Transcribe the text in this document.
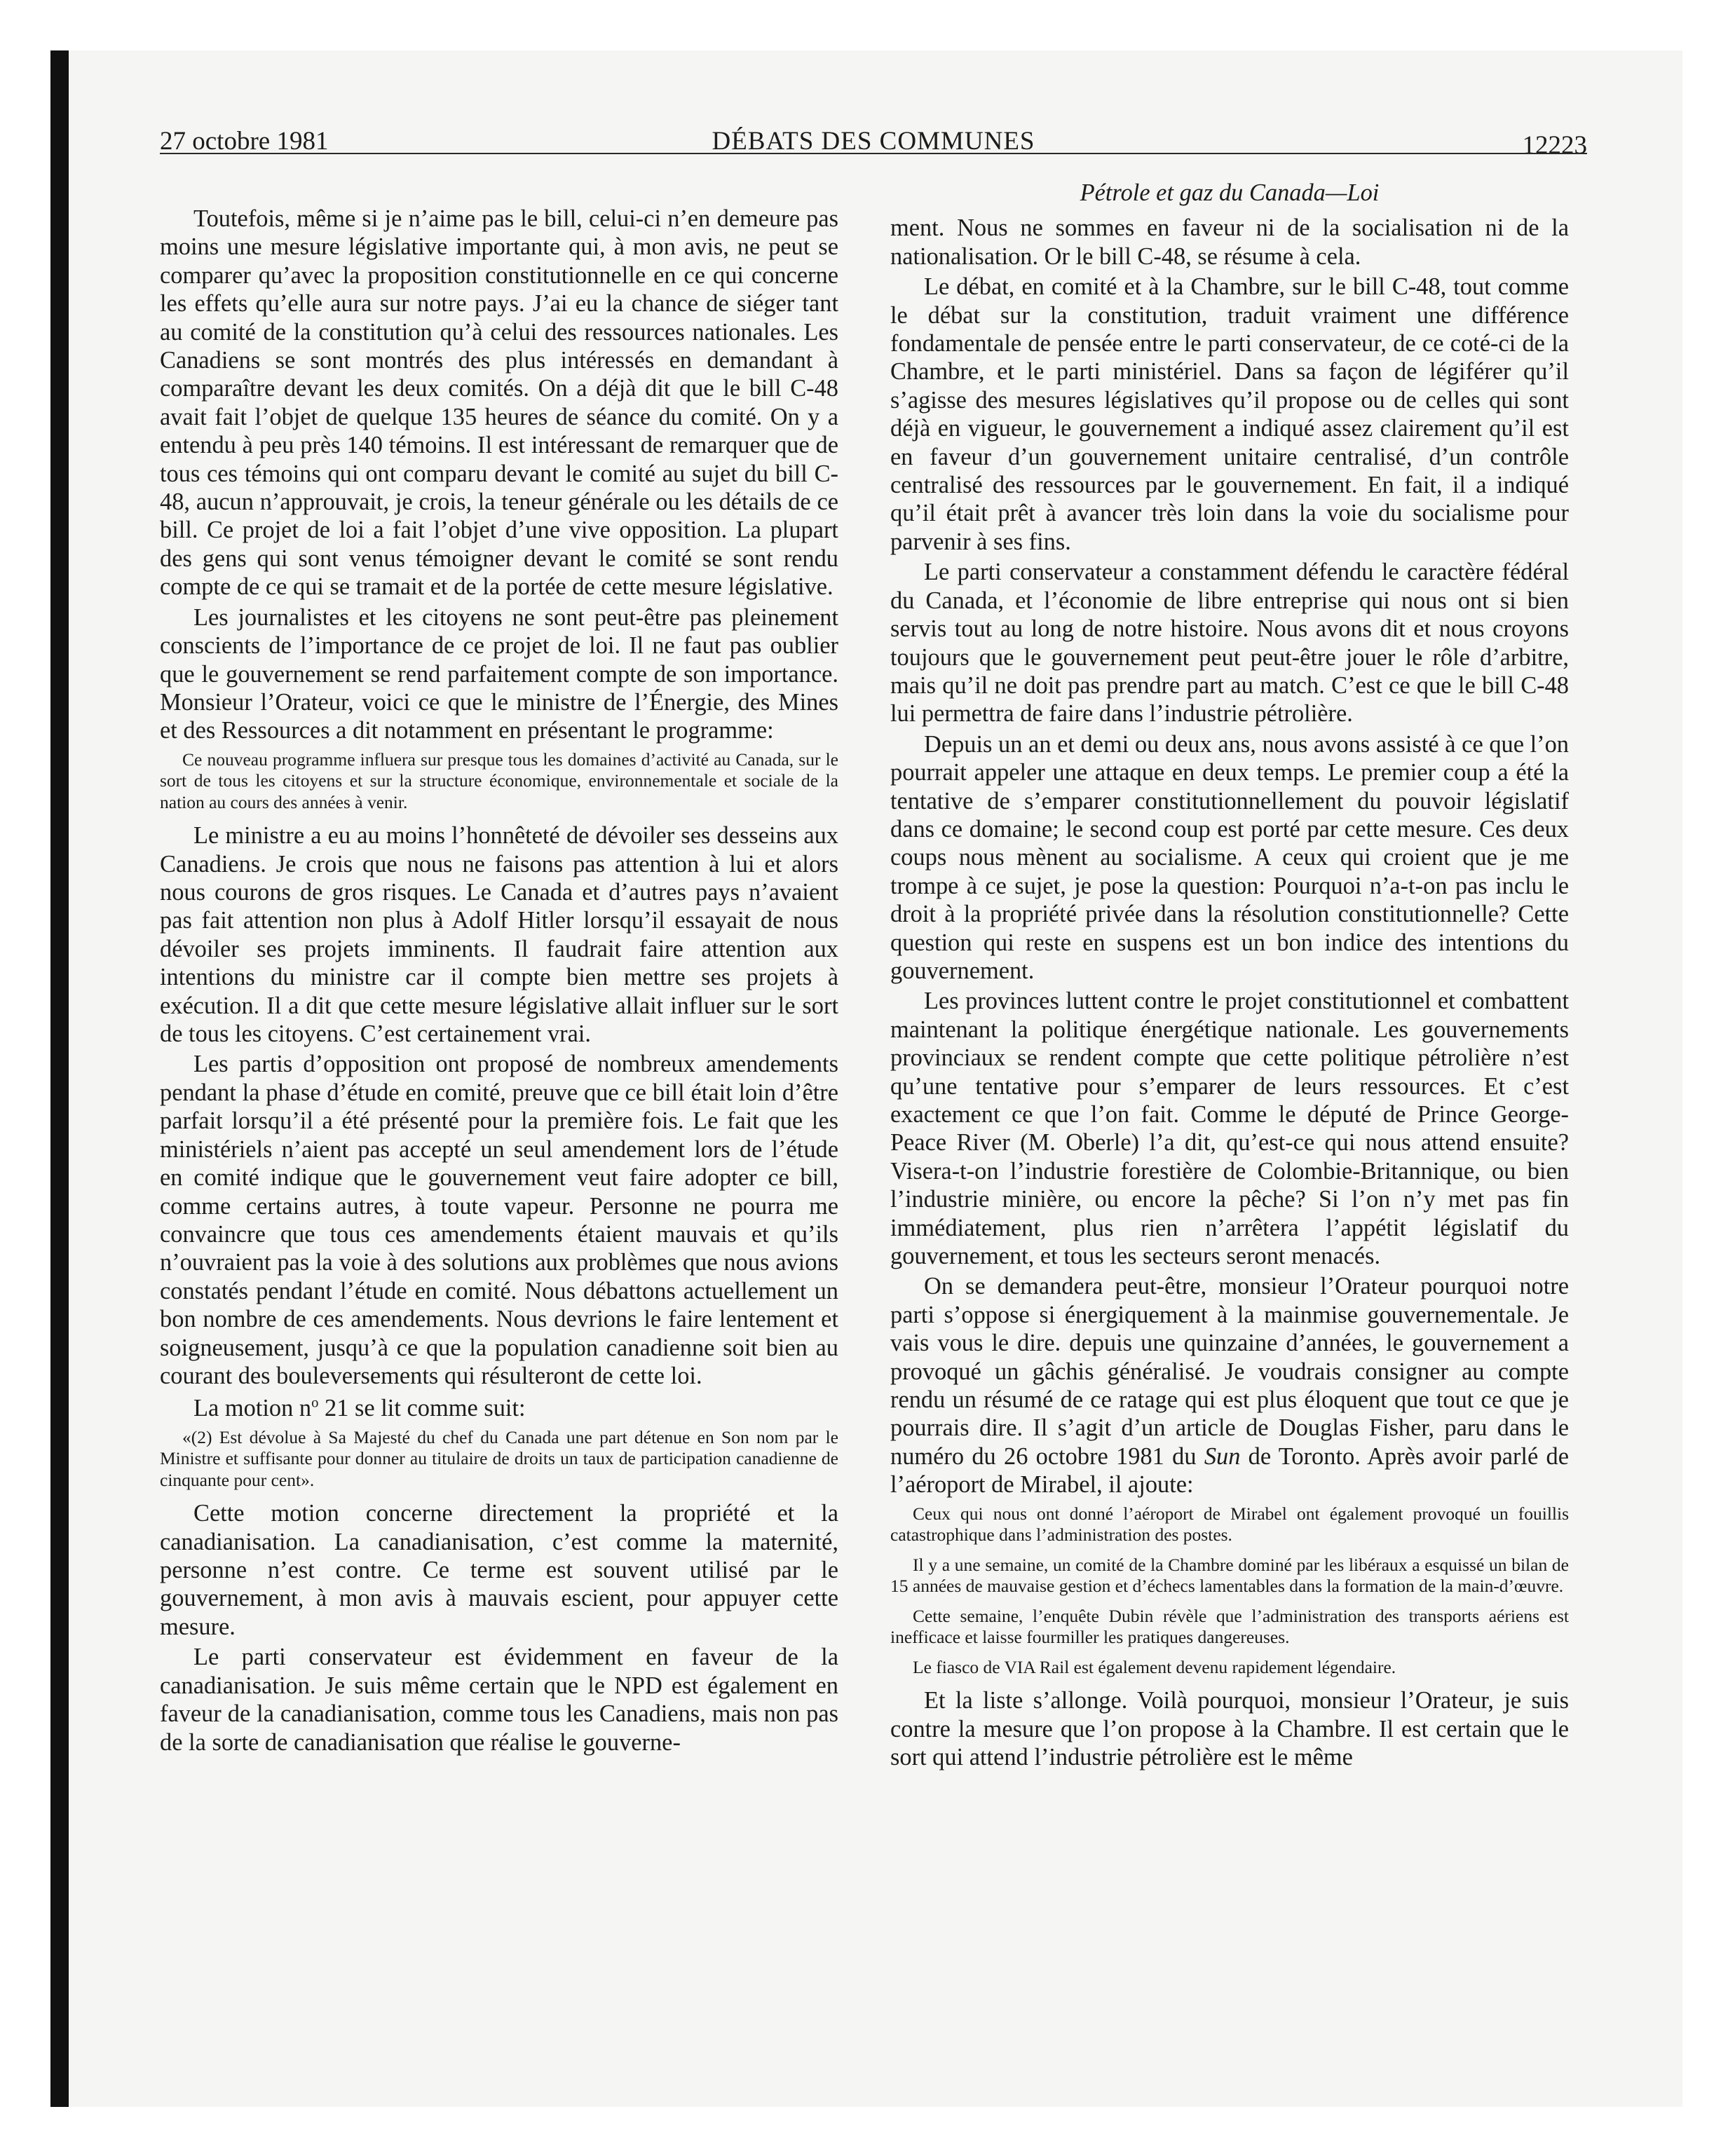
27 octobre 1981	DÉBATS DES COMMUNES	12223

Toutefois, même si je n’aime pas le bill, celui-ci n’en demeure pas moins une mesure législative importante qui, à mon avis, ne peut se comparer qu’avec la proposition constitutionnelle en ce qui concerne les effets qu’elle aura sur notre pays. J’ai eu la chance de siéger tant au comité de la constitution qu’à celui des ressources nationales. Les Canadiens se sont montrés des plus intéressés en demandant à comparaître devant les deux comités. On a déjà dit que le bill C-48 avait fait l’objet de quelque 135 heures de séance du comité. On y a entendu à peu près 140 témoins. Il est intéressant de remarquer que de tous ces témoins qui ont comparu devant le comité au sujet du bill C-48, aucun n’approuvait, je crois, la teneur générale ou les détails de ce bill. Ce projet de loi a fait l’objet d’une vive opposition. La plupart des gens qui sont venus témoigner devant le comité se sont rendu compte de ce qui se tramait et de la portée de cette mesure législative.

Les journalistes et les citoyens ne sont peut-être pas pleinement conscients de l’importance de ce projet de loi. Il ne faut pas oublier que le gouvernement se rend parfaitement compte de son importance. Monsieur l’Orateur, voici ce que le ministre de l’Énergie, des Mines et des Ressources a dit notamment en présentant le programme:

Ce nouveau programme influera sur presque tous les domaines d’activité au Canada, sur le sort de tous les citoyens et sur la structure économique, environnementale et sociale de la nation au cours des années à venir.

Le ministre a eu au moins l’honnêteté de dévoiler ses desseins aux Canadiens. Je crois que nous ne faisons pas attention à lui et alors nous courons de gros risques. Le Canada et d’autres pays n’avaient pas fait attention non plus à Adolf Hitler lorsqu’il essayait de nous dévoiler ses projets imminents. Il faudrait faire attention aux intentions du ministre car il compte bien mettre ses projets à exécution. Il a dit que cette mesure législative allait influer sur le sort de tous les citoyens. C’est certainement vrai.

Les partis d’opposition ont proposé de nombreux amendements pendant la phase d’étude en comité, preuve que ce bill était loin d’être parfait lorsqu’il a été présenté pour la première fois. Le fait que les ministériels n’aient pas accepté un seul amendement lors de l’étude en comité indique que le gouvernement veut faire adopter ce bill, comme certains autres, à toute vapeur. Personne ne pourra me convaincre que tous ces amendements étaient mauvais et qu’ils n’ouvraient pas la voie à des solutions aux problèmes que nous avions constatés pendant l’étude en comité. Nous débattons actuellement un bon nombre de ces amendements. Nous devrions le faire lentement et soigneusement, jusqu’à ce que la population canadienne soit bien au courant des bouleversements qui résulteront de cette loi.

La motion $n^o$ 21 se lit comme suit:

«(2) Est dévolue à Sa Majesté du chef du Canada une part détenue en Son nom par le Ministre et suffisante pour donner au titulaire de droits un taux de participation canadienne de cinquante pour cent».

Cette motion concerne directement la propriété et la canadianisation. La canadianisation, c’est comme la maternité, personne n’est contre. Ce terme est souvent utilisé par le gouvernement, à mon avis à mauvais escient, pour appuyer cette mesure.

Le parti conservateur est évidemment en faveur de la canadianisation. Je suis même certain que le NPD est également en faveur de la canadianisation, comme tous les Canadiens, mais non pas de la sorte de canadianisation que réalise le gouverne-

Pétrole et gaz du Canada—Loi

ment. Nous ne sommes en faveur ni de la socialisation ni de la nationalisation. Or le bill C-48, se résume à cela.

Le débat, en comité et à la Chambre, sur le bill C-48, tout comme le débat sur la constitution, traduit vraiment une différence fondamentale de pensée entre le parti conservateur, de ce coté-ci de la Chambre, et le parti ministériel. Dans sa façon de légiférer qu’il s’agisse des mesures législatives qu’il propose ou de celles qui sont déjà en vigueur, le gouvernement a indiqué assez clairement qu’il est en faveur d’un gouvernement unitaire centralisé, d’un contrôle centralisé des ressources par le gouvernement. En fait, il a indiqué qu’il était prêt à avancer très loin dans la voie du socialisme pour parvenir à ses fins.

Le parti conservateur a constamment défendu le caractère fédéral du Canada, et l’économie de libre entreprise qui nous ont si bien servis tout au long de notre histoire. Nous avons dit et nous croyons toujours que le gouvernement peut peut-être jouer le rôle d’arbitre, mais qu’il ne doit pas prendre part au match. C’est ce que le bill C-48 lui permettra de faire dans l’industrie pétrolière.

Depuis un an et demi ou deux ans, nous avons assisté à ce que l’on pourrait appeler une attaque en deux temps. Le premier coup a été la tentative de s’emparer constitutionnellement du pouvoir législatif dans ce domaine; le second coup est porté par cette mesure. Ces deux coups nous mènent au socialisme. A ceux qui croient que je me trompe à ce sujet, je pose la question: Pourquoi n’a-t-on pas inclu le droit à la propriété privée dans la résolution constitutionnelle? Cette question qui reste en suspens est un bon indice des intentions du gouvernement.

Les provinces luttent contre le projet constitutionnel et combattent maintenant la politique énergétique nationale. Les gouvernements provinciaux se rendent compte que cette politique pétrolière n’est qu’une tentative pour s’emparer de leurs ressources. Et c’est exactement ce que l’on fait. Comme le député de Prince George-Peace River (M. Oberle) l’a dit, qu’est-ce qui nous attend ensuite? Visera-t-on l’industrie forestière de Colombie-Britannique, ou bien l’industrie minière, ou encore la pêche? Si l’on n’y met pas fin immédiatement, plus rien n’arrêtera l’appétit législatif du gouvernement, et tous les secteurs seront menacés.

On se demandera peut-être, monsieur l’Orateur pourquoi notre parti s’oppose si énergiquement à la mainmise gouvernementale. Je vais vous le dire. depuis une quinzaine d’années, le gouvernement a provoqué un gâchis généralisé. Je voudrais consigner au compte rendu un résumé de ce ratage qui est plus éloquent que tout ce que je pourrais dire. Il s’agit d’un article de Douglas Fisher, paru dans le numéro du 26 octobre 1981 du Sun de Toronto. Après avoir parlé de l’aéroport de Mirabel, il ajoute:

Ceux qui nous ont donné l’aéroport de Mirabel ont également provoqué un fouillis catastrophique dans l’administration des postes.

Il y a une semaine, un comité de la Chambre dominé par les libéraux a esquissé un bilan de 15 années de mauvaise gestion et d’échecs lamentables dans la formation de la main-d’œuvre.

Cette semaine, l’enquête Dubin révèle que l’administration des transports aériens est inefficace et laisse fourmiller les pratiques dangereuses.

Le fiasco de VIA Rail est également devenu rapidement légendaire.

Et la liste s’allonge. Voilà pourquoi, monsieur l’Orateur, je suis contre la mesure que l’on propose à la Chambre. Il est certain que le sort qui attend l’industrie pétrolière est le même
